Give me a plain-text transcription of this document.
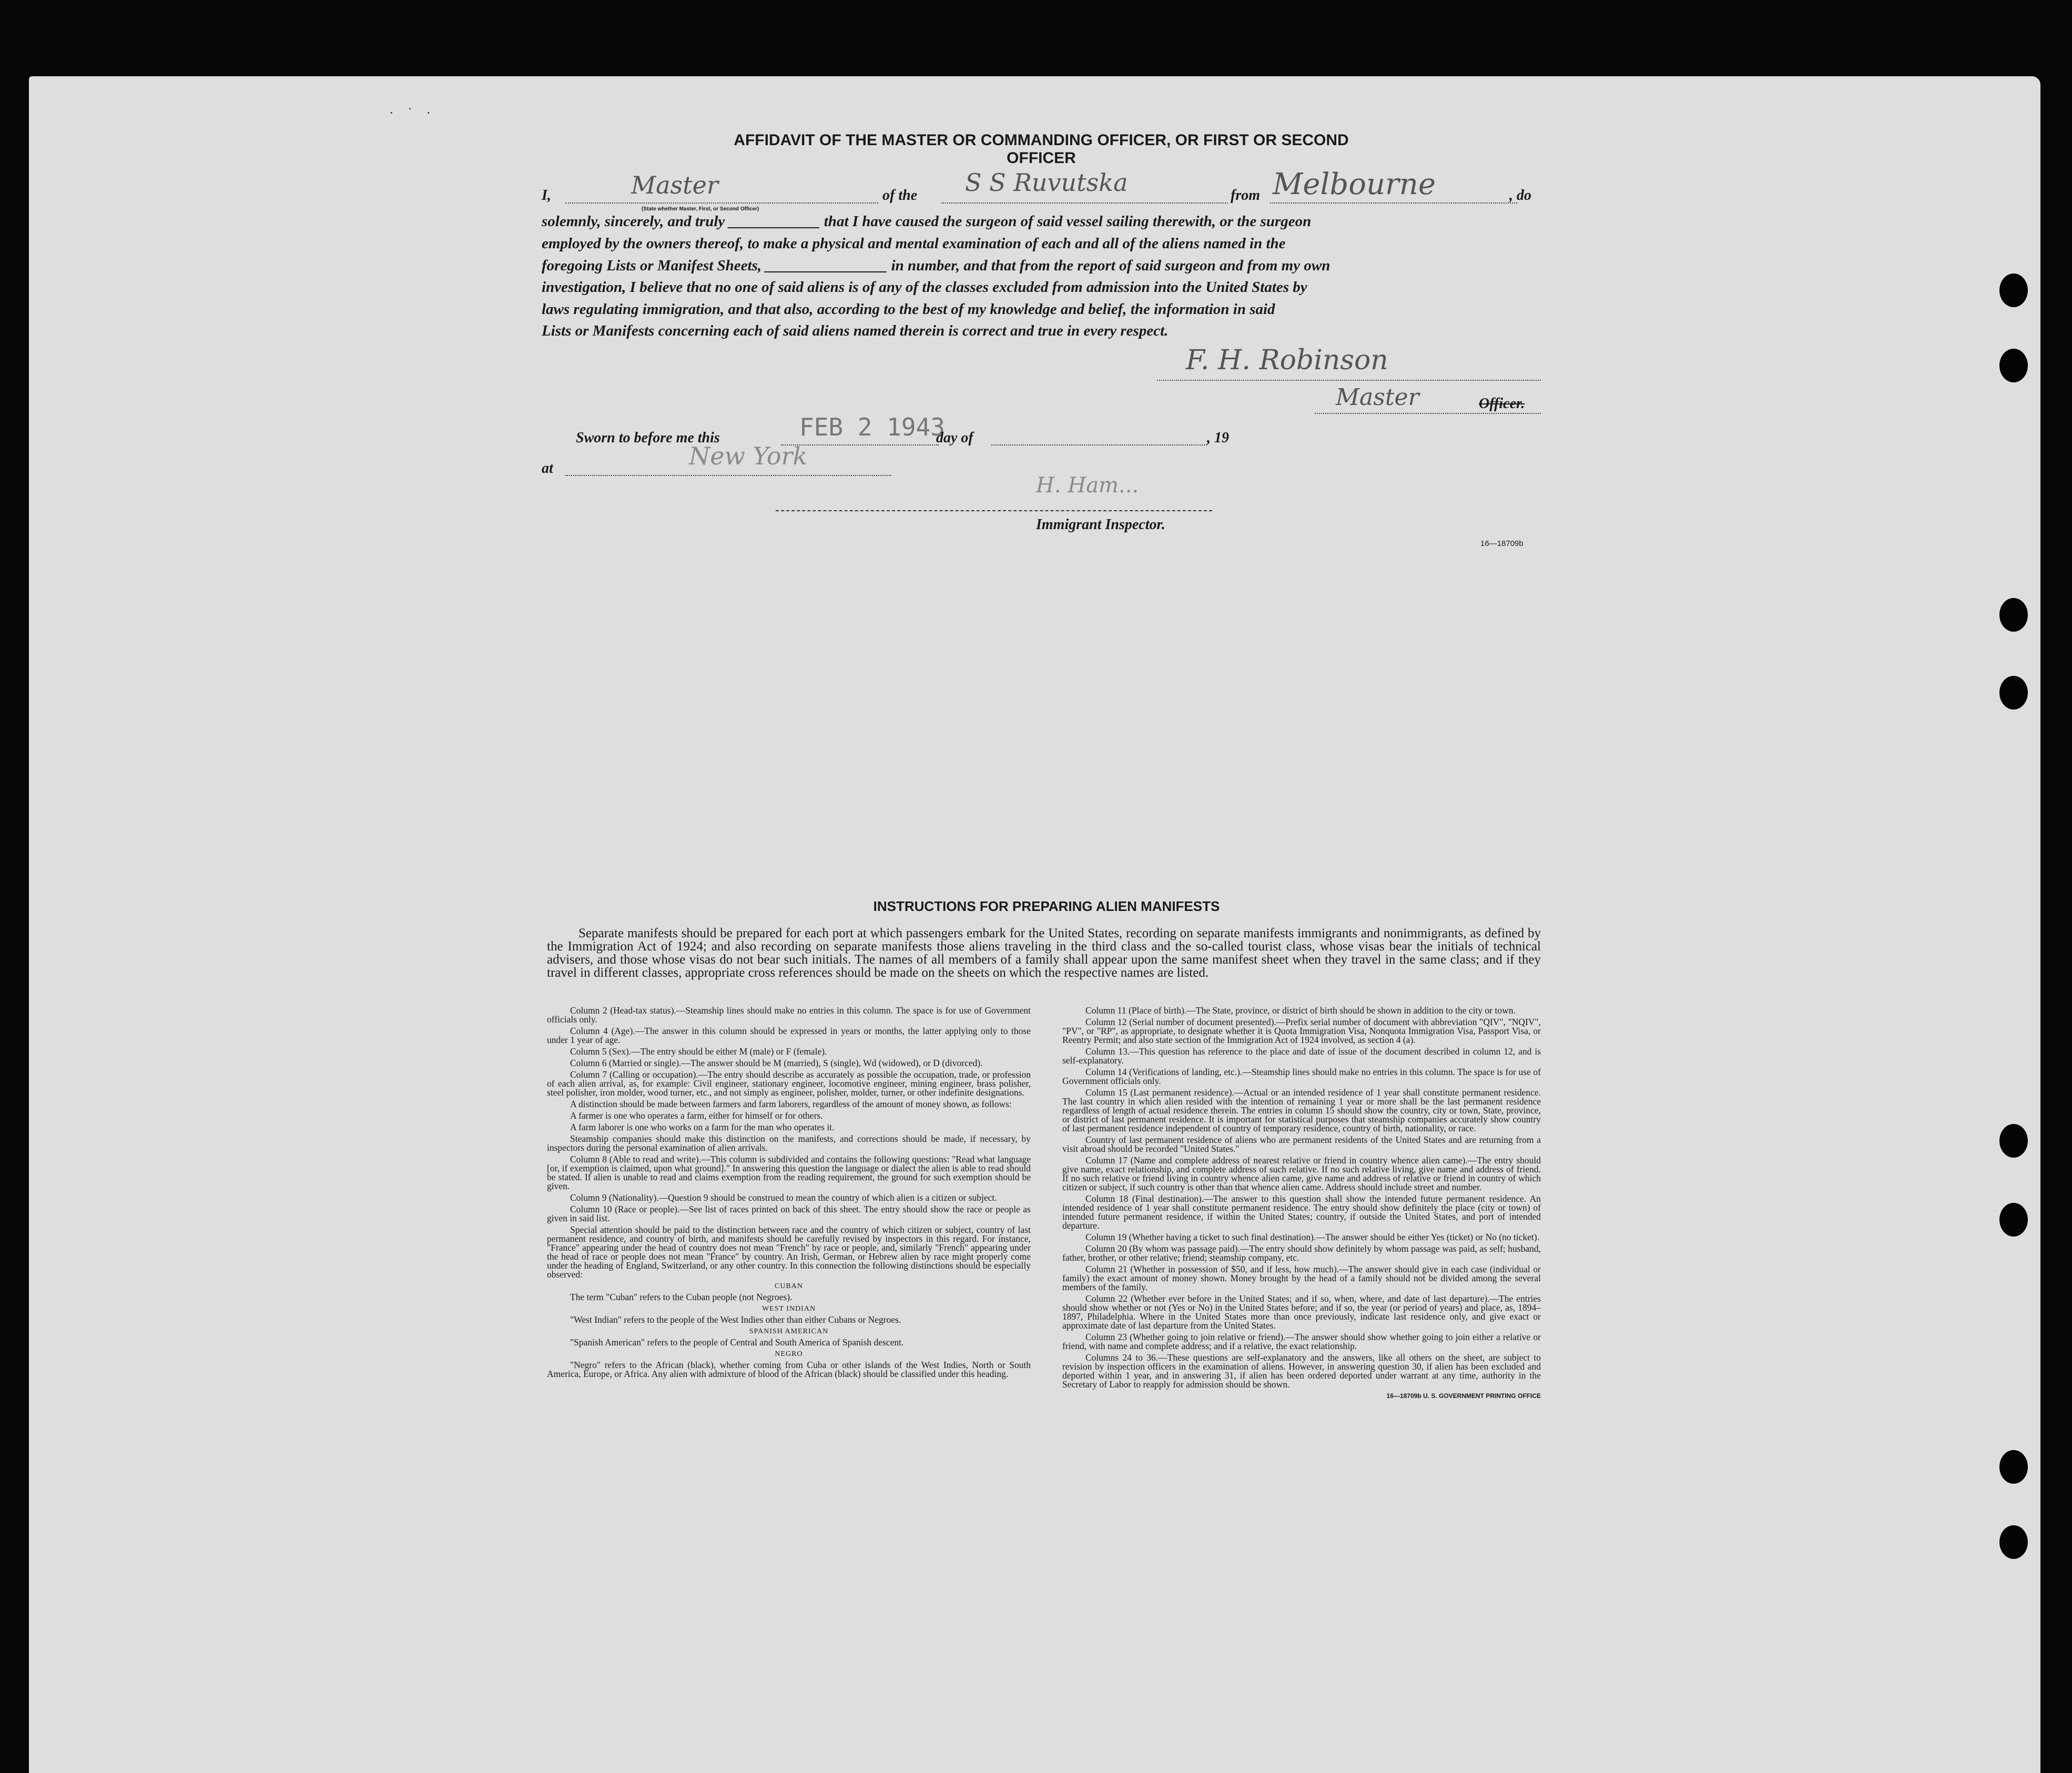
· ˙ ·
AFFIDAVIT OF THE MASTER OR COMMANDING OFFICER, OR FIRST OR SECOND OFFICER
I,	Master
(State whether Master, First, or Second Officer)
of the S S Ruvutska	from Melbourne	, do
solemnly, sincerely, and truly ____________ that I have caused the surgeon of said vessel sailing therewith, or the surgeon
employed by the owners thereof, to make a physical and mental examination of each and all of the aliens named in the
foregoing Lists or Manifest Sheets, ________________ in number, and that from the report of said surgeon and from my own
investigation, I believe that no one of said aliens is of any of the classes excluded from admission into the United States by
laws regulating immigration, and that also, according to the best of my knowledge and belief, the information in said
Lists or Manifests concerning each of said aliens named therein is correct and true in every respect.
F. H. Robinson
Master	Officer.
Sworn to before me this	FEB 2 1943
day of	, 19
at	New York
H. Ham...
Immigrant Inspector.
16—18709b
INSTRUCTIONS FOR PREPARING ALIEN MANIFESTS
Separate manifests should be prepared for each port at which passengers embark for the United States, recording on separate manifests immigrants and nonimmigrants, as defined by the Immigration Act of 1924; and also recording on separate manifests those aliens traveling in the third class and the so-called tourist class, whose visas bear the initials of technical advisers, and those whose visas do not bear such initials. The names of all members of a family shall appear upon the same manifest sheet when they travel in the same class; and if they travel in different classes, appropriate cross references should be made on the sheets on which the respective names are listed.

Column 2 (Head-tax status).—Steamship lines should make no entries in this column. The space is for use of Government officials only.

Column 4 (Age).—The answer in this column should be expressed in years or months, the latter applying only to those under 1 year of age.

Column 5 (Sex).—The entry should be either M (male) or F (female).

Column 6 (Married or single).—The answer should be M (married), S (single), Wd (widowed), or D (divorced).

Column 7 (Calling or occupation).—The entry should describe as accurately as possible the occupation, trade, or profession of each alien arrival, as, for example: Civil engineer, stationary engineer, locomotive engineer, mining engineer, brass polisher, steel polisher, iron molder, wood turner, etc., and not simply as engineer, polisher, molder, turner, or other indefinite designations.

A distinction should be made between farmers and farm laborers, regardless of the amount of money shown, as follows:

A farmer is one who operates a farm, either for himself or for others.

A farm laborer is one who works on a farm for the man who operates it.

Steamship companies should make this distinction on the manifests, and corrections should be made, if necessary, by inspectors during the personal examination of alien arrivals.

Column 8 (Able to read and write).—This column is subdivided and contains the following questions: "Read what language [or, if exemption is claimed, upon what ground]." In answering this question the language or dialect the alien is able to read should be stated. If alien is unable to read and claims exemption from the reading requirement, the ground for such exemption should be given.

Column 9 (Nationality).—Question 9 should be construed to mean the country of which alien is a citizen or subject.

Column 10 (Race or people).—See list of races printed on back of this sheet. The entry should show the race or people as given in said list.

Special attention should be paid to the distinction between race and the country of which citizen or subject, country of last permanent residence, and country of birth, and manifests should be carefully revised by inspectors in this regard. For instance, "France" appearing under the head of country does not mean "French" by race or people, and, similarly "French" appearing under the head of race or people does not mean "France" by country. An Irish, German, or Hebrew alien by race might properly come under the heading of England, Switzerland, or any other country. In this connection the following distinctions should be especially observed:

CUBAN

The term "Cuban" refers to the Cuban people (not Negroes).

WEST INDIAN

"West Indian" refers to the people of the West Indies other than either Cubans or Negroes.

SPANISH AMERICAN

"Spanish American" refers to the people of Central and South America of Spanish descent.

NEGRO

"Negro" refers to the African (black), whether coming from Cuba or other islands of the West Indies, North or South America, Europe, or Africa. Any alien with admixture of blood of the African (black) should be classified under this heading.

Column 11 (Place of birth).—The State, province, or district of birth should be shown in addition to the city or town.

Column 12 (Serial number of document presented).—Prefix serial number of document with abbreviation "QIV", "NQIV", "PV", or "RP", as appropriate, to designate whether it is Quota Immigration Visa, Nonquota Immigration Visa, Passport Visa, or Reentry Permit; and also state section of the Immigration Act of 1924 involved, as section 4 (a).

Column 13.—This question has reference to the place and date of issue of the document described in column 12, and is self-explanatory.

Column 14 (Verifications of landing, etc.).—Steamship lines should make no entries in this column. The space is for use of Government officials only.

Column 15 (Last permanent residence).—Actual or an intended residence of 1 year shall constitute permanent residence. The last country in which alien resided with the intention of remaining 1 year or more shall be the last permanent residence regardless of length of actual residence therein. The entries in column 15 should show the country, city or town, State, province, or district of last permanent residence. It is important for statistical purposes that steamship companies accurately show country of last permanent residence independent of country of temporary residence, country of birth, nationality, or race.

Country of last permanent residence of aliens who are permanent residents of the United States and are returning from a visit abroad should be recorded "United States."

Column 17 (Name and complete address of nearest relative or friend in country whence alien came).—The entry should give name, exact relationship, and complete address of such relative. If no such relative living, give name and address of friend. If no such relative or friend living in country whence alien came, give name and address of relative or friend in country of which citizen or subject, if such country is other than that whence alien came. Address should include street and number.

Column 18 (Final destination).—The answer to this question shall show the intended future permanent residence. An intended residence of 1 year shall constitute permanent residence. The entry should show definitely the place (city or town) of intended future permanent residence, if within the United States; country, if outside the United States, and port of intended departure.

Column 19 (Whether having a ticket to such final destination).—The answer should be either Yes (ticket) or No (no ticket).

Column 20 (By whom was passage paid).—The entry should show definitely by whom passage was paid, as self; husband, father, brother, or other relative; friend; steamship company, etc.

Column 21 (Whether in possession of $50, and if less, how much).—The answer should give in each case (individual or family) the exact amount of money shown. Money brought by the head of a family should not be divided among the several members of the family.

Column 22 (Whether ever before in the United States; and if so, when, where, and date of last departure).—The entries should show whether or not (Yes or No) in the United States before; and if so, the year (or period of years) and place, as, 1894–1897, Philadelphia. Where in the United States more than once previously, indicate last residence only, and give exact or approximate date of last departure from the United States.

Column 23 (Whether going to join relative or friend).—The answer should show whether going to join either a relative or friend, with name and complete address; and if a relative, the exact relationship.

Columns 24 to 36.—These questions are self-explanatory and the answers, like all others on the sheet, are subject to revision by inspection officers in the examination of aliens. However, in answering question 30, if alien has been excluded and deported within 1 year, and in answering 31, if alien has been ordered deported under warrant at any time, authority in the Secretary of Labor to reapply for admission should be shown.

16—18709b U. S. GOVERNMENT PRINTING OFFICE
